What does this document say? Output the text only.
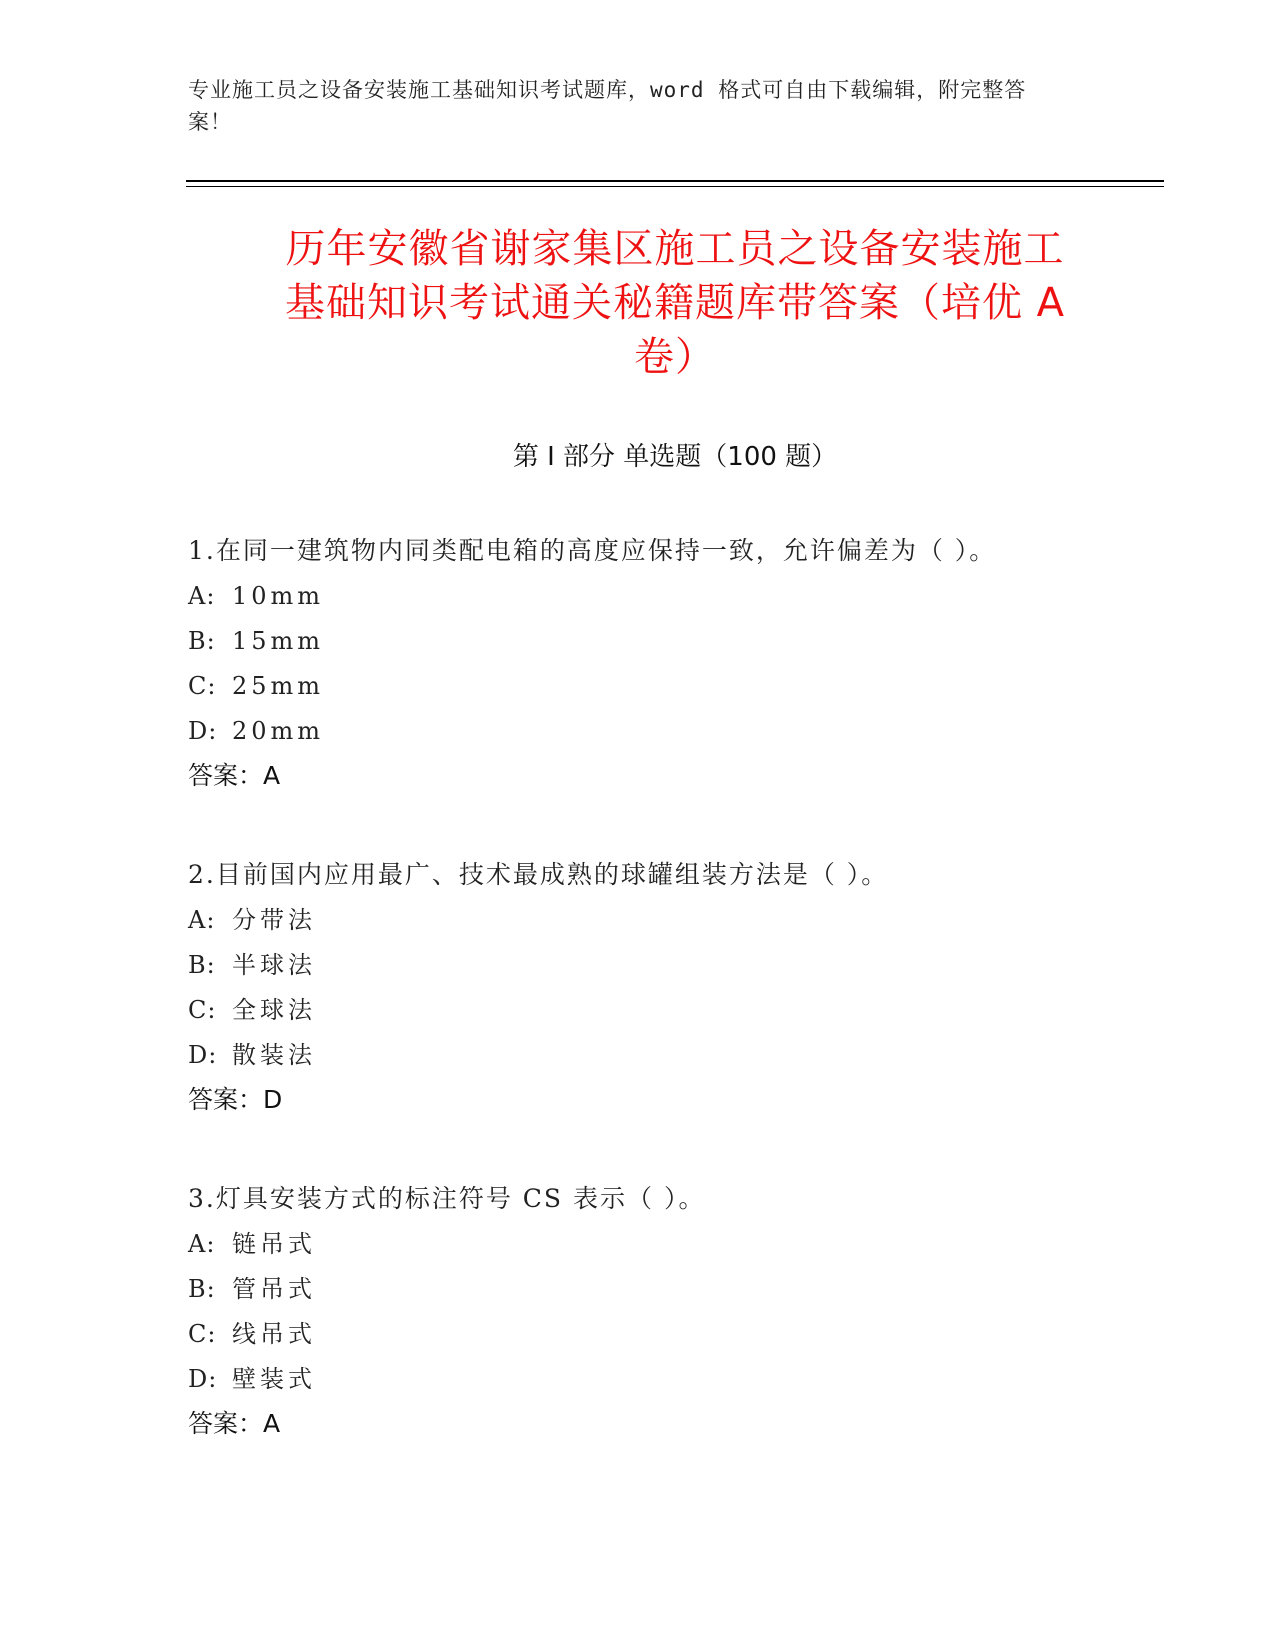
专业施工员之设备安装施工基础知识考试题库，word 格式可自由下载编辑，附完整答案！
历年安徽省谢家集区施工员之设备安装施工
基础知识考试通关秘籍题库带答案（培优 A
卷）
第 I 部分 单选题（100 题）
1.在同一建筑物内同类配电箱的高度应保持一致，允许偏差为（ ）。
A: 10mm
B: 15mm
C: 25mm
D: 20mm
答案：A
2.目前国内应用最广、技术最成熟的球罐组装方法是（ ）。
A: 分带法
B: 半球法
C: 全球法
D: 散装法
答案：D
3.灯具安装方式的标注符号 CS 表示（ ）。
A: 链吊式
B: 管吊式
C: 线吊式
D: 壁装式
答案：A
